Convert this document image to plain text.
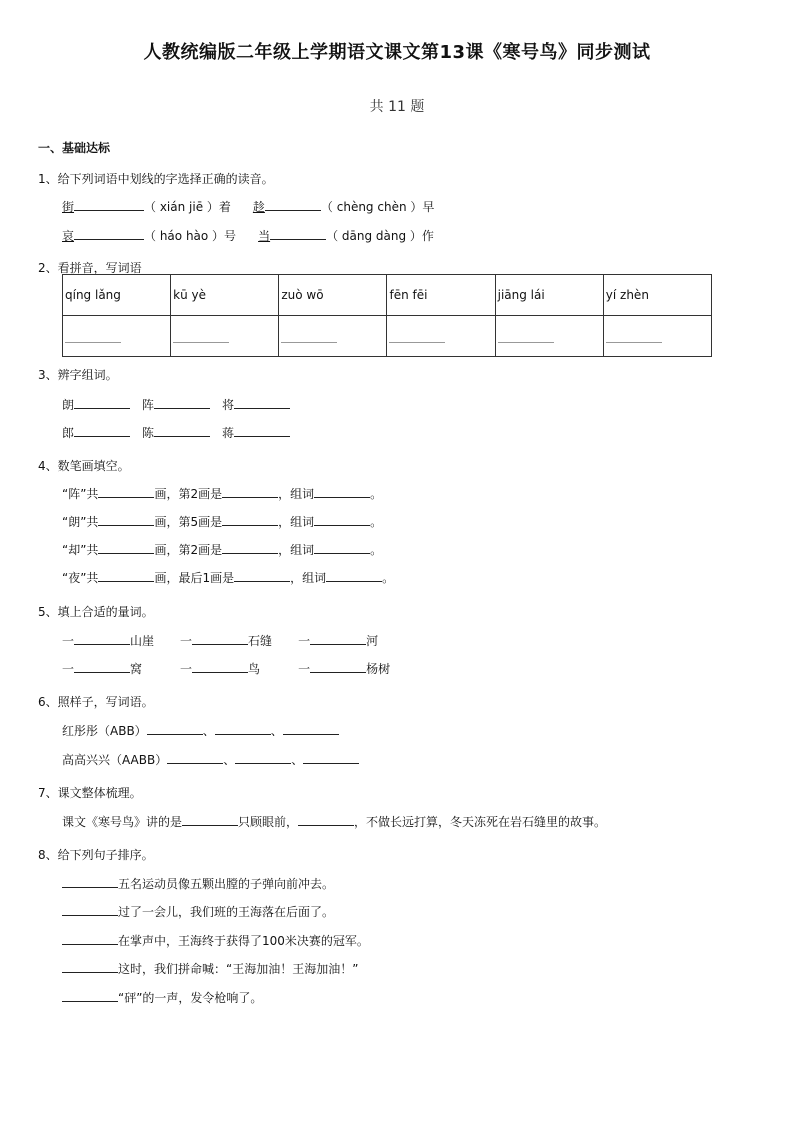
人教统编版二年级上学期语文课文第13课《寒号鸟》同步测试
共 11 题
一、基础达标
1、给下列词语中划线的字选择正确的读音。
街	（ xián jiē ）着 趁	（ chèng chèn ）早
哀	（ háo hào ）号 当	（ dāng dàng ）作
2、看拼音，写词语
qíng lǎng	kū yè	zuò wō	fēn fēi	jiāng lái	yí zhèn

3、辨字组词。
朗	阵	将
郎	陈	蒋
4、数笔画填空。
“阵”共	画，第2画是	，组词	。
“朗”共	画，第5画是	，组词	。
“却”共	画，第2画是	，组词	。
“夜”共	画，最后1画是	，组词	。
5、填上合适的量词。
一	山崖 一	石缝 一	河
一	窝	一	鸟	一	杨树
6、照样子，写词语。
红彤彤（ABB）	、	、
高高兴兴（AABB）	、	、
7、课文整体梳理。
课文《寒号鸟》讲的是	只顾眼前，	，不做长远打算，冬天冻死在岩石缝里的故事。
8、给下列句子排序。
五名运动员像五颗出膛的子弹向前冲去。
过了一会儿，我们班的王海落在后面了。
在掌声中，王海终于获得了100米决赛的冠军。
这时，我们拼命喊：“王海加油！王海加油！”
“砰”的一声，发令枪响了。
